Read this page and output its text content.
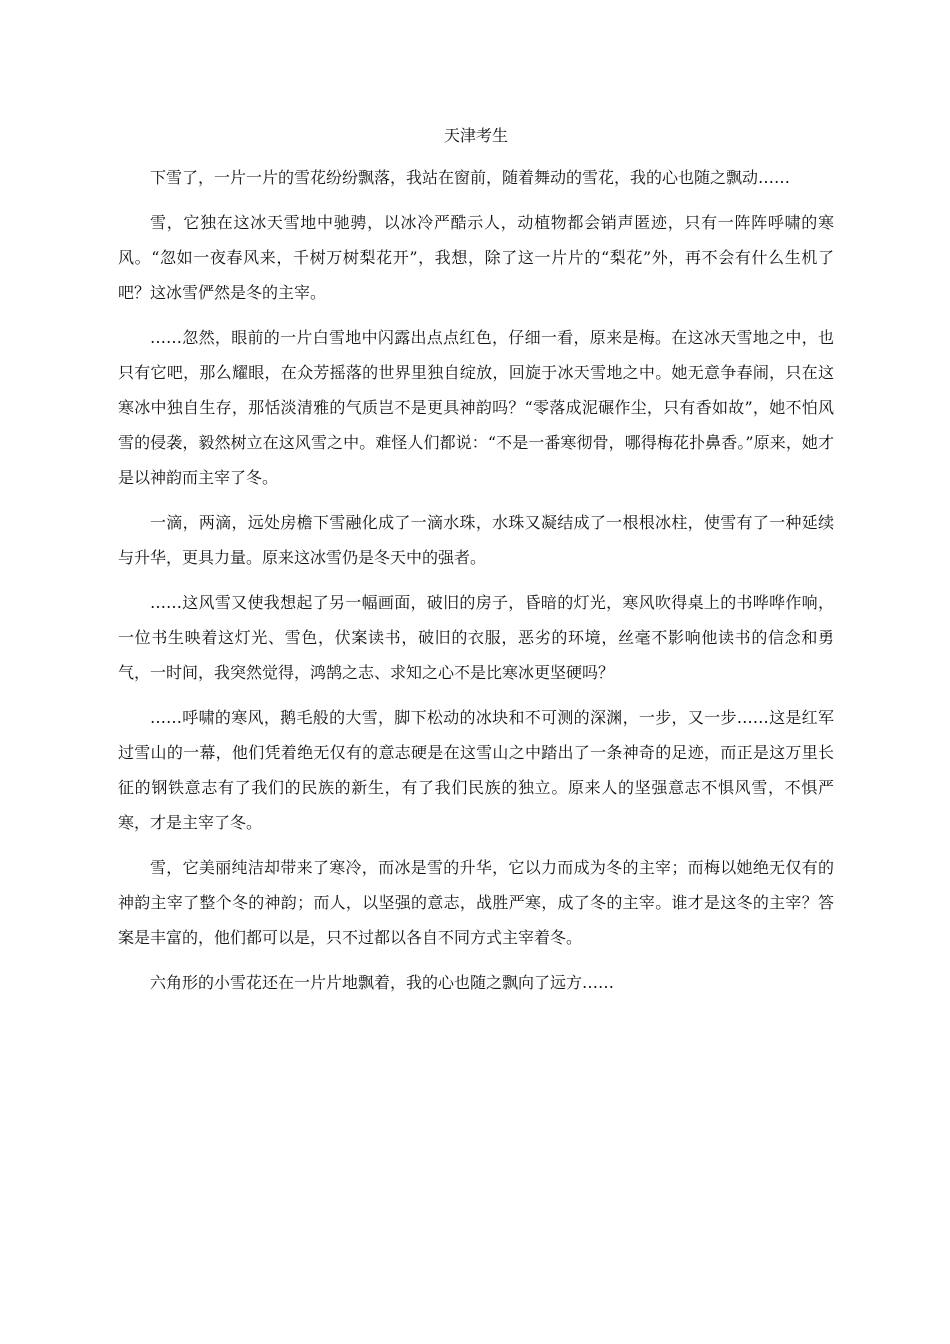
天津考生

下雪了，一片一片的雪花纷纷飘落，我站在窗前，随着舞动的雪花，我的心也随之飘动……

雪，它独在这冰天雪地中驰骋，以冰冷严酷示人，动植物都会销声匿迹，只有一阵阵呼啸的寒风。“忽如一夜春风来，千树万树梨花开”，我想，除了这一片片的“梨花”外，再不会有什么生机了吧？这冰雪俨然是冬的主宰。

……忽然，眼前的一片白雪地中闪露出点点红色，仔细一看，原来是梅。在这冰天雪地之中，也只有它吧，那么耀眼，在众芳摇落的世界里独自绽放，回旋于冰天雪地之中。她无意争春闹，只在这寒冰中独自生存，那恬淡清雅的气质岂不是更具神韵吗？“零落成泥碾作尘，只有香如故”，她不怕风雪的侵袭，毅然树立在这风雪之中。难怪人们都说：“不是一番寒彻骨，哪得梅花扑鼻香。”原来，她才是以神韵而主宰了冬。

一滴，两滴，远处房檐下雪融化成了一滴水珠，水珠又凝结成了一根根冰柱，使雪有了一种延续与升华，更具力量。原来这冰雪仍是冬天中的强者。

……这风雪又使我想起了另一幅画面，破旧的房子，昏暗的灯光，寒风吹得桌上的书哗哗作响，一位书生映着这灯光、雪色，伏案读书，破旧的衣服，恶劣的环境，丝毫不影响他读书的信念和勇气，一时间，我突然觉得，鸿鹄之志、求知之心不是比寒冰更坚硬吗？

……呼啸的寒风，鹅毛般的大雪，脚下松动的冰块和不可测的深渊，一步，又一步……这是红军过雪山的一幕，他们凭着绝无仅有的意志硬是在这雪山之中踏出了一条神奇的足迹，而正是这万里长征的钢铁意志有了我们的民族的新生，有了我们民族的独立。原来人的坚强意志不惧风雪，不惧严寒，才是主宰了冬。

雪，它美丽纯洁却带来了寒冷，而冰是雪的升华，它以力而成为冬的主宰；而梅以她绝无仅有的神韵主宰了整个冬的神韵；而人，以坚强的意志，战胜严寒，成了冬的主宰。谁才是这冬的主宰？答案是丰富的，他们都可以是，只不过都以各自不同方式主宰着冬。

六角形的小雪花还在一片片地飘着，我的心也随之飘向了远方……
